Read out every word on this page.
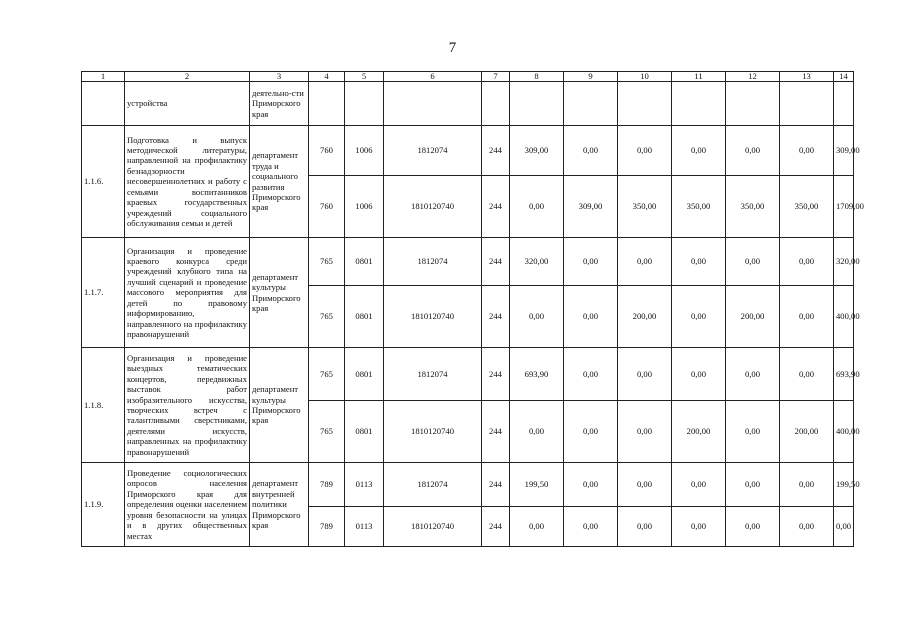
7
1	2	3	4	5	6	7	8	9	10	11	12	13	14
	устройства	деятельно-сти Приморского края											
1.1.6.	Подготовка и выпуск методической литературы, направленной на профилактику безнадзорности несовершеннолетних и работу с семьями воспитанников краевых государственных учреждений социального обслуживания семьи и детей	департамент труда и социального развития Приморского края	760	1006	1812074	244	309,00	0,00	0,00	0,00	0,00	0,00	309,00
			760	1006	1810120740	244	0,00	309,00	350,00	350,00	350,00	350,00	1709,00
1.1.7.	Организация и проведение краевого конкурса среди учреждений клубного типа на лучший сценарий и проведение массового мероприятия для детей по правовому информированию, направленного на профилактику правонарушений	департамент культуры Приморского края	765	0801	1812074	244	320,00	0,00	0,00	0,00	0,00	0,00	320,00
			765	0801	1810120740	244	0,00	0,00	200,00	0,00	200,00	0,00	400,00
1.1.8.	Организация и проведение выездных тематических концертов, передвижных выставок работ изобразительного искусства, творческих встреч с талантливыми сверстниками, деятелями искусств, направленных на профилактику правонарушений	департамент культуры Приморского края	765	0801	1812074	244	693,90	0,00	0,00	0,00	0,00	0,00	693,90
			765	0801	1810120740	244	0,00	0,00	0,00	200,00	0,00	200,00	400,00
1.1.9.	Проведение социологических опросов населения Приморского края для определения оценки населением уровня безопасности на улицах и в других общественных местах	департамент внутренней политики Приморского края	789	0113	1812074	244	199,50	0,00	0,00	0,00	0,00	0,00	199,50
			789	0113	1810120740	244	0,00	0,00	0,00	0,00	0,00	0,00	0,00
